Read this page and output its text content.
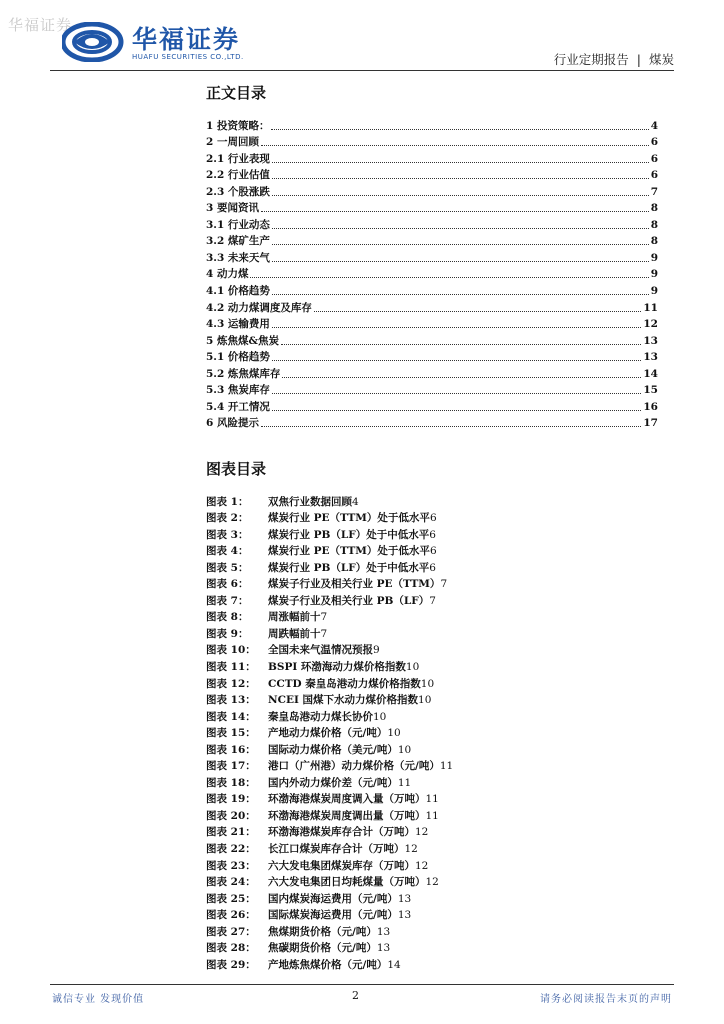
华福证券 华福证券
HUAFU SECURITIES CO.,LTD.	行业定期报告 | 煤炭
正文目录
1 投资策略：	4
2 一周回顾	6
2.1 行业表现	6
2.2 行业估值	6
2.3 个股涨跌	7
3 要闻资讯	8
3.1 行业动态	8
3.2 煤矿生产	8
3.3 未来天气	9
4 动力煤	9
4.1 价格趋势	9
4.2 动力煤调度及库存	11
4.3 运输费用	12
5 炼焦煤&焦炭	13
5.1 价格趋势	13
5.2 炼焦煤库存	14
5.3 焦炭库存	15
5.4 开工情况	16
6 风险提示	17
图表目录
图表 1：	双焦行业数据回顾 4
图表 2：	煤炭行业 PE（TTM）处于低水平 6
图表 3：	煤炭行业 PB（LF）处于中低水平 6
图表 4：	煤炭行业 PE（TTM）处于低水平 6
图表 5：	煤炭行业 PB（LF）处于中低水平 6
图表 6：	煤炭子行业及相关行业 PE（TTM） 7
图表 7：	煤炭子行业及相关行业 PB（LF） 7
图表 8：	周涨幅前十 7
图表 9：	周跌幅前十 7
图表 10：	全国未来气温情况预报 9
图表 11：	BSPI 环渤海动力煤价格指数 10
图表 12：	CCTD 秦皇岛港动力煤价格指数 10
图表 13：	NCEI 国煤下水动力煤价格指数 10
图表 14：	秦皇岛港动力煤长协价 10
图表 15：	产地动力煤价格（元/吨） 10
图表 16：	国际动力煤价格（美元/吨） 10
图表 17：	港口（广州港）动力煤价格（元/吨） 11
图表 18：	国内外动力煤价差（元/吨） 11
图表 19：	环渤海港煤炭周度调入量（万吨） 11
图表 20：	环渤海港煤炭周度调出量（万吨） 11
图表 21：	环渤海港煤炭库存合计（万吨） 12
图表 22：	长江口煤炭库存合计（万吨） 12
图表 23：	六大发电集团煤炭库存（万吨） 12
图表 24：	六大发电集团日均耗煤量（万吨） 12
图表 25：	国内煤炭海运费用（元/吨） 13
图表 26：	国际煤炭海运费用（元/吨） 13
图表 27：	焦煤期货价格（元/吨） 13
图表 28：	焦碳期货价格（元/吨） 13
图表 29：	产地炼焦煤价格（元/吨） 14
诚信专业 发现价值	2	请务必阅读报告末页的声明
